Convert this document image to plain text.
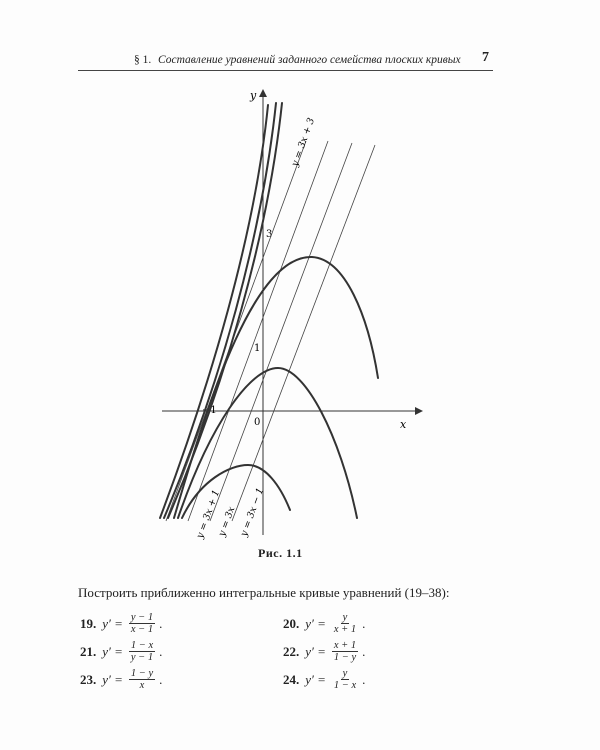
§ 1. Составление уравнений заданного семейства плоских кривых 7
x
y
3
1
0
−1
y = 3x + 3
y = 3x + 1
y = 3x y = 3x − 1
Рис. 1.1
Построить приближенно интегральные кривые уравнений (19–38):
19. $y' = \frac{y - 1}{x - 1}$ .	20. $y' = \frac{y}{x + 1}$ .
21. $y' = \frac{1 - x}{y - 1}$ .	22. $y' = \frac{x + 1}{1 - y}$ .
23. $y' = \frac{1 - y}{x}$ .	24. $y' = \frac{y}{1 - x}$ .
